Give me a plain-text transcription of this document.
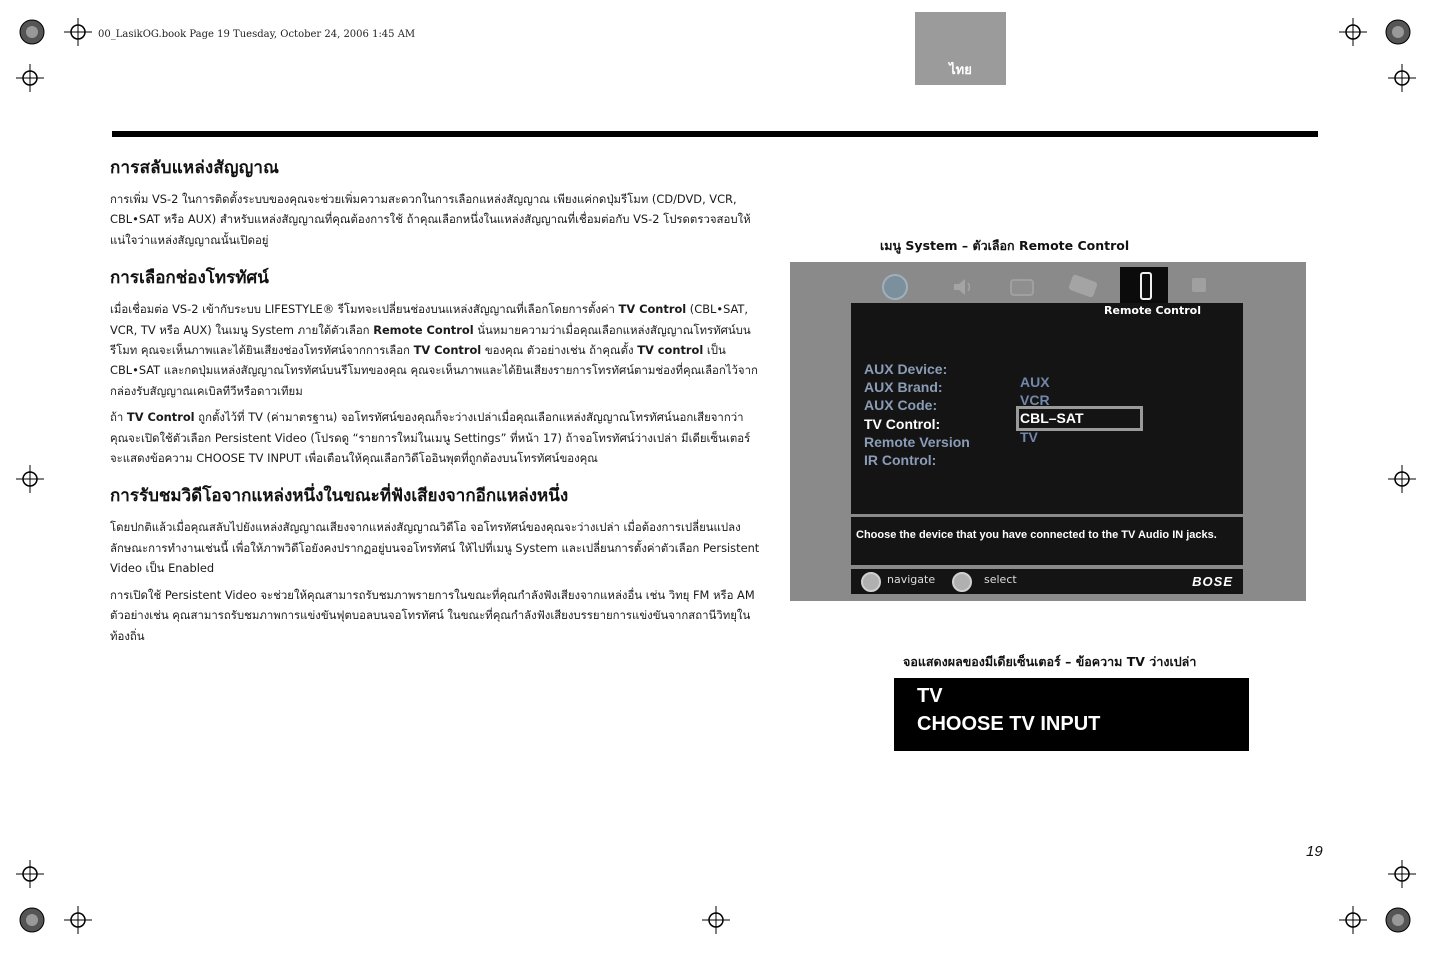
00_LasikOG.book Page 19 Tuesday, October 24, 2006 1:45 AM
ไทย
การสลับแหล่งสัญญาณ
การเพิ่ม VS-2 ในการติดตั้งระบบของคุณจะช่วยเพิ่มความสะดวกในการเลือกแหล่งสัญญาณ เพียงแค่กดปุ่มรีโมท (CD/DVD, VCR, CBL•SAT หรือ AUX) สำหรับแหล่งสัญญาณที่คุณต้องการใช้ ถ้าคุณเลือกหนึ่งในแหล่งสัญญาณที่เชื่อมต่อกับ VS-2 โปรดตรวจสอบให้แน่ใจว่าแหล่งสัญญาณนั้นเปิดอยู่
การเลือกช่องโทรทัศน์
เมื่อเชื่อมต่อ VS-2 เข้ากับระบบ LIFESTYLE® รีโมทจะเปลี่ยนช่องบนแหล่งสัญญาณที่เลือกโดยการตั้งค่า TV Control (CBL•SAT, VCR, TV หรือ AUX) ในเมนู System ภายใต้ตัวเลือก Remote Control นั่นหมายความว่าเมื่อคุณเลือกแหล่งสัญญาณโทรทัศน์บนรีโมท คุณจะเห็นภาพและได้ยินเสียงช่องโทรทัศน์จากการเลือก TV Control ของคุณ ตัวอย่างเช่น ถ้าคุณตั้ง TV control เป็น CBL•SAT และกดปุ่มแหล่งสัญญาณโทรทัศน์บนรีโมทของคุณ คุณจะเห็นภาพและได้ยินเสียงรายการโทรทัศน์ตามช่องที่คุณเลือกไว้จากกล่องรับสัญญาณเคเบิลทีวีหรือดาวเทียม
ถ้า TV Control ถูกตั้งไว้ที่ TV (ค่ามาตรฐาน) จอโทรทัศน์ของคุณก็จะว่างเปล่าเมื่อคุณเลือกแหล่งสัญญาณโทรทัศน์นอกเสียจากว่าคุณจะเปิดใช้ตัวเลือก Persistent Video (โปรดดู “รายการใหม่ในเมนู Settings” ที่หน้า 17) ถ้าจอโทรทัศน์ว่างเปล่า มีเดียเซ็นเตอร์จะแสดงข้อความ CHOOSE TV INPUT เพื่อเตือนให้คุณเลือกวิดีโออินพุตที่ถูกต้องบนโทรทัศน์ของคุณ
การรับชมวิดีโอจากแหล่งหนึ่งในขณะที่ฟังเสียงจากอีกแหล่งหนึ่ง
โดยปกติแล้วเมื่อคุณสลับไปยังแหล่งสัญญาณเสียงจากแหล่งสัญญาณวิดีโอ จอโทรทัศน์ของคุณจะว่างเปล่า เมื่อต้องการเปลี่ยนแปลงลักษณะการทำงานเช่นนี้ เพื่อให้ภาพวิดีโอยังคงปรากฏอยู่บนจอโทรทัศน์ ให้ไปที่เมนู System และเปลี่ยนการตั้งค่าตัวเลือก Persistent Video เป็น Enabled
การเปิดใช้ Persistent Video จะช่วยให้คุณสามารถรับชมภาพรายการในขณะที่คุณกำลังฟังเสียงจากแหล่งอื่น เช่น วิทยุ FM หรือ AM ตัวอย่างเช่น คุณสามารถรับชมภาพการแข่งขันฟุตบอลบนจอโทรทัศน์ ในขณะที่คุณกำลังฟังเสียงบรรยายการแข่งขันจากสถานีวิทยุในท้องถิ่น
เมนู System – ตัวเลือก Remote Control
Remote Control
AUX Device:
AUX Brand:
AUX Code:
TV Control:
Remote Version
IR Control:
AUX
VCR
CBL–SAT
TV
Choose the device that you have connected to the TV Audio IN jacks.
navigate	select	BOSE
จอแสดงผลของมีเดียเซ็นเตอร์ – ข้อความ TV ว่างเปล่า
TV
CHOOSE TV INPUT
19
